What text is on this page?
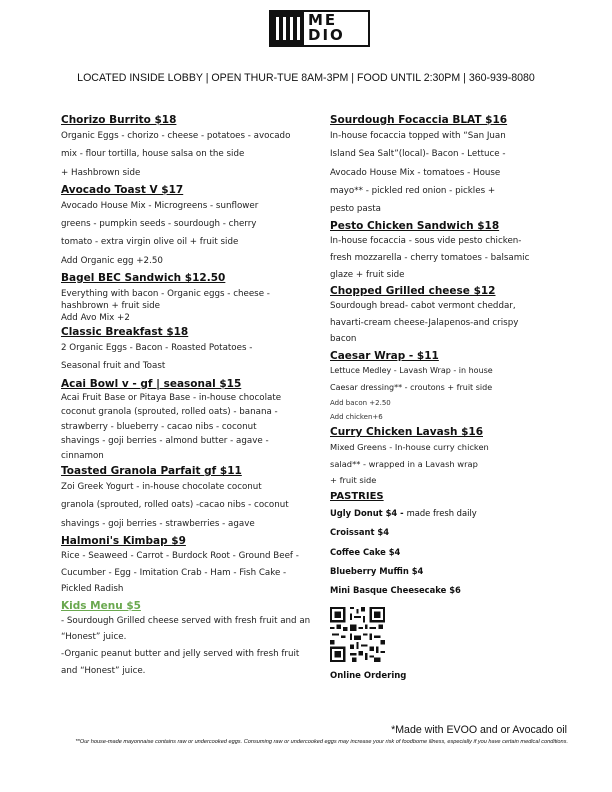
ME
DIO
LOCATED INSIDE LOBBY | OPEN THUR-TUE 8AM-3PM | FOOD UNTIL 2:30PM | 360-939-8080
Chorizo Burrito $18
Organic Eggs - chorizo - cheese - potatoes - avocado
mix - flour tortilla, house salsa on the side
+ Hashbrown side
Avocado Toast V $17
Avocado House Mix - Microgreens - sunflower
greens - pumpkin seeds - sourdough - cherry
tomato - extra virgin olive oil + fruit side
Add Organic egg +2.50
Bagel BEC Sandwich $12.50
Everything with bacon - Organic eggs - cheese -
hashbrown + fruit side
Add Avo Mix +2
Classic Breakfast $18
2 Organic Eggs - Bacon - Roasted Potatoes -
Seasonal fruit and Toast
Acai Bowl v - gf | seasonal $15
Acai Fruit Base or Pitaya Base - in-house chocolate
coconut granola (sprouted, rolled oats) - banana -
strawberry - blueberry - cacao nibs - coconut
shavings - goji berries - almond butter - agave -
cinnamon
Toasted Granola Parfait gf $11
Zoi Greek Yogurt - in-house chocolate coconut
granola (sprouted, rolled oats) -cacao nibs - coconut
shavings - goji berries - strawberries - agave
Halmoni's Kimbap $9
Rice - Seaweed - Carrot - Burdock Root - Ground Beef -
Cucumber - Egg - Imitation Crab - Ham - Fish Cake -
Pickled Radish
Kids Menu $5
- Sourdough Grilled cheese served with fresh fruit and an
“Honest” juice.
-Organic peanut butter and jelly served with fresh fruit
and “Honest” juice.
Sourdough Focaccia BLAT $16
In-house focaccia topped with “San Juan
Island Sea Salt”(local)- Bacon - Lettuce -
Avocado House Mix - tomatoes - House
mayo** - pickled red onion - pickles +
pesto pasta
Pesto Chicken Sandwich $18
In-house focaccia - sous vide pesto chicken-
fresh mozzarella - cherry tomatoes - balsamic
glaze + fruit side
Chopped Grilled cheese $12
Sourdough bread- cabot vermont cheddar,
havarti-cream cheese-Jalapenos-and crispy
bacon
Caesar Wrap - $11
Lettuce Medley - Lavash Wrap - in house
Caesar dressing** - croutons + fruit side
Add bacon +2.50
Add chicken+6
Curry Chicken Lavash $16
Mixed Greens - In-house curry chicken
salad** - wrapped in a Lavash wrap
+ fruit side
PASTRIES
Ugly Donut $4 - made fresh daily
Croissant $4
Coffee Cake $4
Blueberry Muffin $4
Mini Basque Cheesecake $6
Online Ordering
*Made with EVOO and or Avocado oil
**Our house-made mayonnaise contains raw or undercooked eggs. Consuming raw or undercooked eggs may increase your risk of foodborne illness, especially if you have certain medical conditions.
